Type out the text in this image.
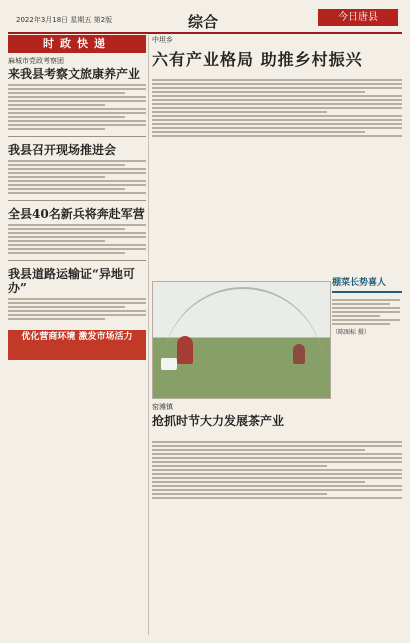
2022年3月18日 星期五 第2版	综合	今日唐县
时政快递
麻城市党政考察团
来我县考察文旅康养产业
我县召开现场推进会
全县40名新兵将奔赴军营
我县道路运输证“异地可办”
优化营商环境 激发市场活力
中坦乡
六有产业格局 助推乡村振兴
棚菜长势喜人
（陈图标 摄）
窑滩镇
抢抓时节大力发展茶产业
